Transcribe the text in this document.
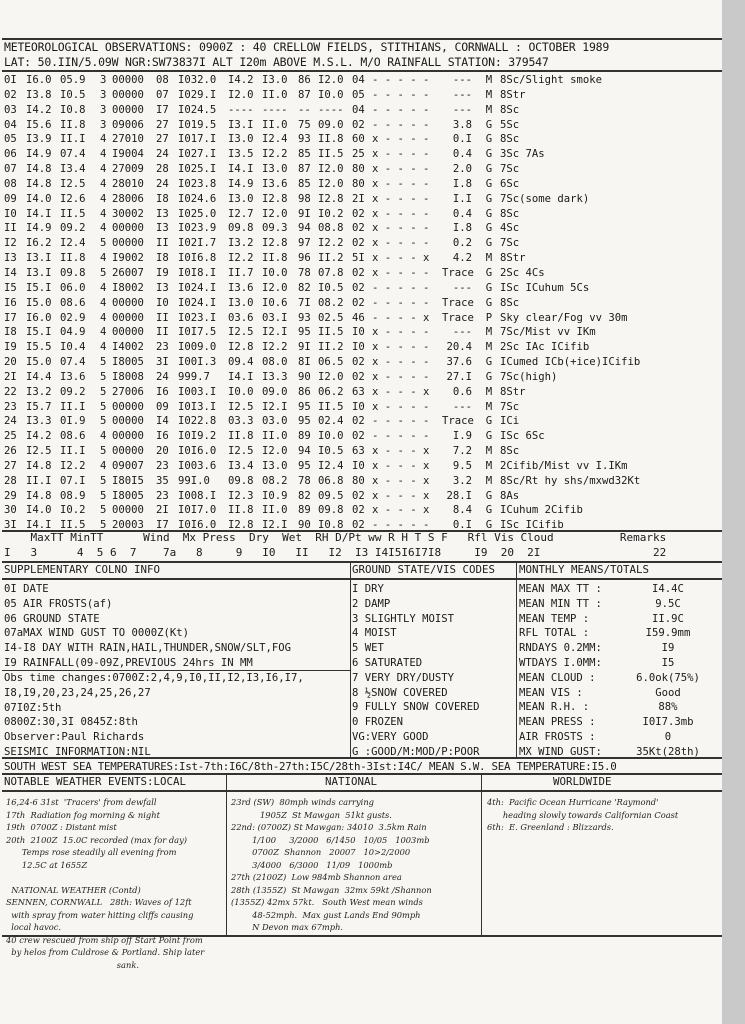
METEOROLOGICAL OBSERVATIONS: 0900Z : 40 CRELLOW FIELDS, STITHIANS, CORNWALL : OCTOBER 1989
LAT: 50.IIN/5.09W NGR:SW73837I ALT I20m ABOVE M.S.L. M/O RAINFALL STATION: 379547
0I I6.0 05.9	3 00000	08 I032.0	I4.2 I3.0 86 I2.0 04 - - - - -	---	M 8Sc/Slight smoke
02 I3.8 I0.5	3 00000	07 I029.I	I2.0 II.0 87 I0.0 05 - - - - -	---	M 8Str
03 I4.2 I0.8	3 00000	I7 I024.5	---- ---- -- ---- 04 - - - - -	---	M 8Sc
04 I5.6 II.8	3 09006	27 I019.5	I3.I II.0 75 09.0 02 - - - - -	3.8	G 5Sc
05 I3.9 II.I	4 27010	27 I017.I	I3.0 I2.4 93 II.8 60 x - - - -	0.I	G 8Sc
06 I4.9 07.4	4 I9004	24 I027.I	I3.5 I2.2 85 II.5 25 x - - - -	0.4	G 3Sc 7As
07 I4.8 I3.4	4 27009	28 I025.I	I4.I I3.0 87 I2.0 80 x - - - -	2.0	G 7Sc
08 I4.8 I2.5	4 28010	24 I023.8	I4.9 I3.6 85 I2.0 80 x - - - -	I.8	G 6Sc
09 I4.0 I2.6	4 28006	I8 I024.6	I3.0 I2.8 98 I2.8 2I x - - - -	I.I	G 7Sc(some dark)
I0 I4.I II.5	4 30002	I3 I025.0	I2.7 I2.0 9I I0.2 02 x - - - -	0.4	G 8Sc
II I4.9 09.2	4 00000	I3 I023.9	09.8 09.3 94 08.8 02 x - - - -	I.8	G 4Sc
I2 I6.2 I2.4	5 00000	II I02I.7	I3.2 I2.8 97 I2.2 02 x - - - -	0.2	G 7Sc
I3 I3.I II.8	4 I9002	I8 I0I6.8	I2.2 II.8 96 II.2 5I x - - - x	4.2	M 8Str
I4 I3.I 09.8	5 26007	I9 I0I8.I	II.7 I0.0 78 07.8 02 x - - - -	Trace	G 2Sc 4Cs
I5 I5.I 06.0	4 I8002	I3 I024.I	I3.6 I2.0 82 I0.5 02 - - - - -	---	G ISc ICuhum 5Cs
I6 I5.0 08.6	4 00000	I0 I024.I	I3.0 I0.6 7I 08.2 02 - - - - -	Trace	G 8Sc
I7 I6.0 02.9	4 00000	II I023.I	03.6 03.I 93 02.5 46 - - - - x	Trace	P Sky clear/Fog vv 30m
I8 I5.I 04.9	4 00000	II I0I7.5	I2.5 I2.I 95 II.5 I0 x - - - -	---	M 7Sc/Mist vv IKm
I9 I5.5 I0.4	4 I4002	23 I009.0	I2.8 I2.2 9I II.2 I0 x - - - -	20.4	M 2Sc IAc ICifib
20 I5.0 07.4	5 I8005	3I I00I.3	09.4 08.0 8I 06.5 02 x - - - -	37.6	G ICumed ICb(+ice)ICifib
2I I4.4 I3.6	5 I8008	24 999.7	I4.I I3.3 90 I2.0 02 x - - - -	27.I	G 7Sc(high)
22 I3.2 09.2	5 27006	I6 I003.I	I0.0 09.0 86 06.2 63 x - - - x	0.6	M 8Str
23 I5.7 II.I	5 00000	09 I0I3.I	I2.5 I2.I 95 II.5 I0 x - - - -	---	M 7Sc
24 I3.3 0I.9	5 00000	I4 I022.8	03.3 03.0 95 02.4 02 - - - - -	Trace	G ICi
25 I4.2 08.6	4 00000	I6 I0I9.2	II.8 II.0 89 I0.0 02 - - - - -	I.9	G ISc 6Sc
26 I2.5 II.I	5 00000	20 I0I6.0	I2.5 I2.0 94 I0.5 63 x - - - x	7.2	M 8Sc
27 I4.8 I2.2	4 09007	23 I003.6	I3.4 I3.0 95 I2.4 I0 x - - - x	9.5	M 2Cifib/Mist vv I.IKm
28 II.I 07.I	5 I80I5	35 99I.0	09.8 08.2 78 06.8 80 x - - - x	3.2	M 8Sc/Rt hy shs/mxwd32Kt
29 I4.8 08.9	5 I8005	23 I008.I	I2.3 I0.9 82 09.5 02 x - - - x	28.I	G 8As
30 I4.0 I0.2	5 00000	2I I0I7.0	II.8 II.0 89 09.8 02 x - - - x	8.4	G ICuhum 2Cifib
3I I4.I II.5	5 20003	I7 I0I6.0	I2.8 I2.I 90 I0.8 02 - - - - -	0.I	G ISc ICifib
MaxTT MinTT      Wind  Mx Press  Dry  Wet  RH D/Pt ww R H T S F   Rfl Vis Cloud          Remarks
I   3      4  5 6  7    7a   8     9   I0   II   I2  I3 I4I5I6I7I8     I9  20  2I                 22
SUPPLEMENTARY COLNO INFO	GROUND STATE/VIS CODES MONTHLY MEANS/TOTALS
0I DATE
05 AIR FROSTS(af)
06 GROUND STATE
07aMAX WIND GUST TO 0000Z(Kt)
I4-I8 DAY WITH RAIN,HAIL,THUNDER,SNOW/SLT,FOG
I9 RAINFALL(09-09Z,PREVIOUS 24hrs IN MM
Obs time changes:0700Z:2,4,9,I0,II,I2,I3,I6,I7,
I8,I9,20,23,24,25,26,27
07I0Z:5th
0800Z:30,3I 0845Z:8th
Observer:Paul Richards
SEISMIC INFORMATION:NIL
I DRY
2 DAMP
3 SLIGHTLY MOIST
4 MOIST
5 WET
6 SATURATED
7 VERY DRY/DUSTY
8 ½SNOW COVERED
9 FULLY SNOW COVERED
0 FROZEN
VG:VERY GOOD
G :GOOD/M:MOD/P:POOR
MEAN MAX TT :	I4.4C
MEAN MIN TT :	9.5C
MEAN TEMP :	II.9C
RFL TOTAL :	I59.9mm
RNDAYS 0.2MM:	I9
WTDAYS I.0MM:	I5
MEAN CLOUD :	6.0ok(75%)
MEAN VIS :	Good
MEAN R.H. :	88%
MEAN PRESS :	I0I7.3mb
AIR FROSTS :	0
MX WIND GUST:	35Kt(28th)
SOUTH WEST SEA TEMPERATURES:Ist-7th:I6C/8th-27th:I5C/28th-3Ist:I4C/ MEAN S.W. SEA TEMPERATURE:I5.0
NOTABLE WEATHER EVENTS:LOCAL	NATIONAL	WORLDWIDE
16,24-6 31st  'Tracers' from dewfall
17th  Radiation fog morning & night
19th  0700Z : Distant mist
20th  2100Z  15.0C recorded (max for day)
Temps rose steadily all evening from
12.5C at 1655Z

NATIONAL WEATHER (Contd)
SENNEN, CORNWALL   28th: Waves of 12ft
with spray from water hitting cliffs causing
local havoc.
40 crew rescued from ship off Start Point from
by helos from Culdrose & Portland. Ship later
sank.
23rd (SW)  80mph winds carrying
1905Z  St Mawgan  51kt gusts.
22nd: (0700Z) St Mawgan: 34010  3.5km Rain
1/100     3/2000   6/1450   10/05   1003mb
0700Z  Shannon   20007   10>2/2000
3/4000   6/3000   11/09   1000mb
27th (2100Z)  Low 984mb Shannon area
28th (1355Z)  St Mawgan  32mx 59kt /Shannon
(1355Z) 42mx 57kt.   South West mean winds
48-52mph.  Max gust Lands End 90mph
N Devon max 67mph.
4th:  Pacific Ocean Hurricane 'Raymond'
heading slowly towards Californian Coast
6th:  E. Greenland : Blizzards.
